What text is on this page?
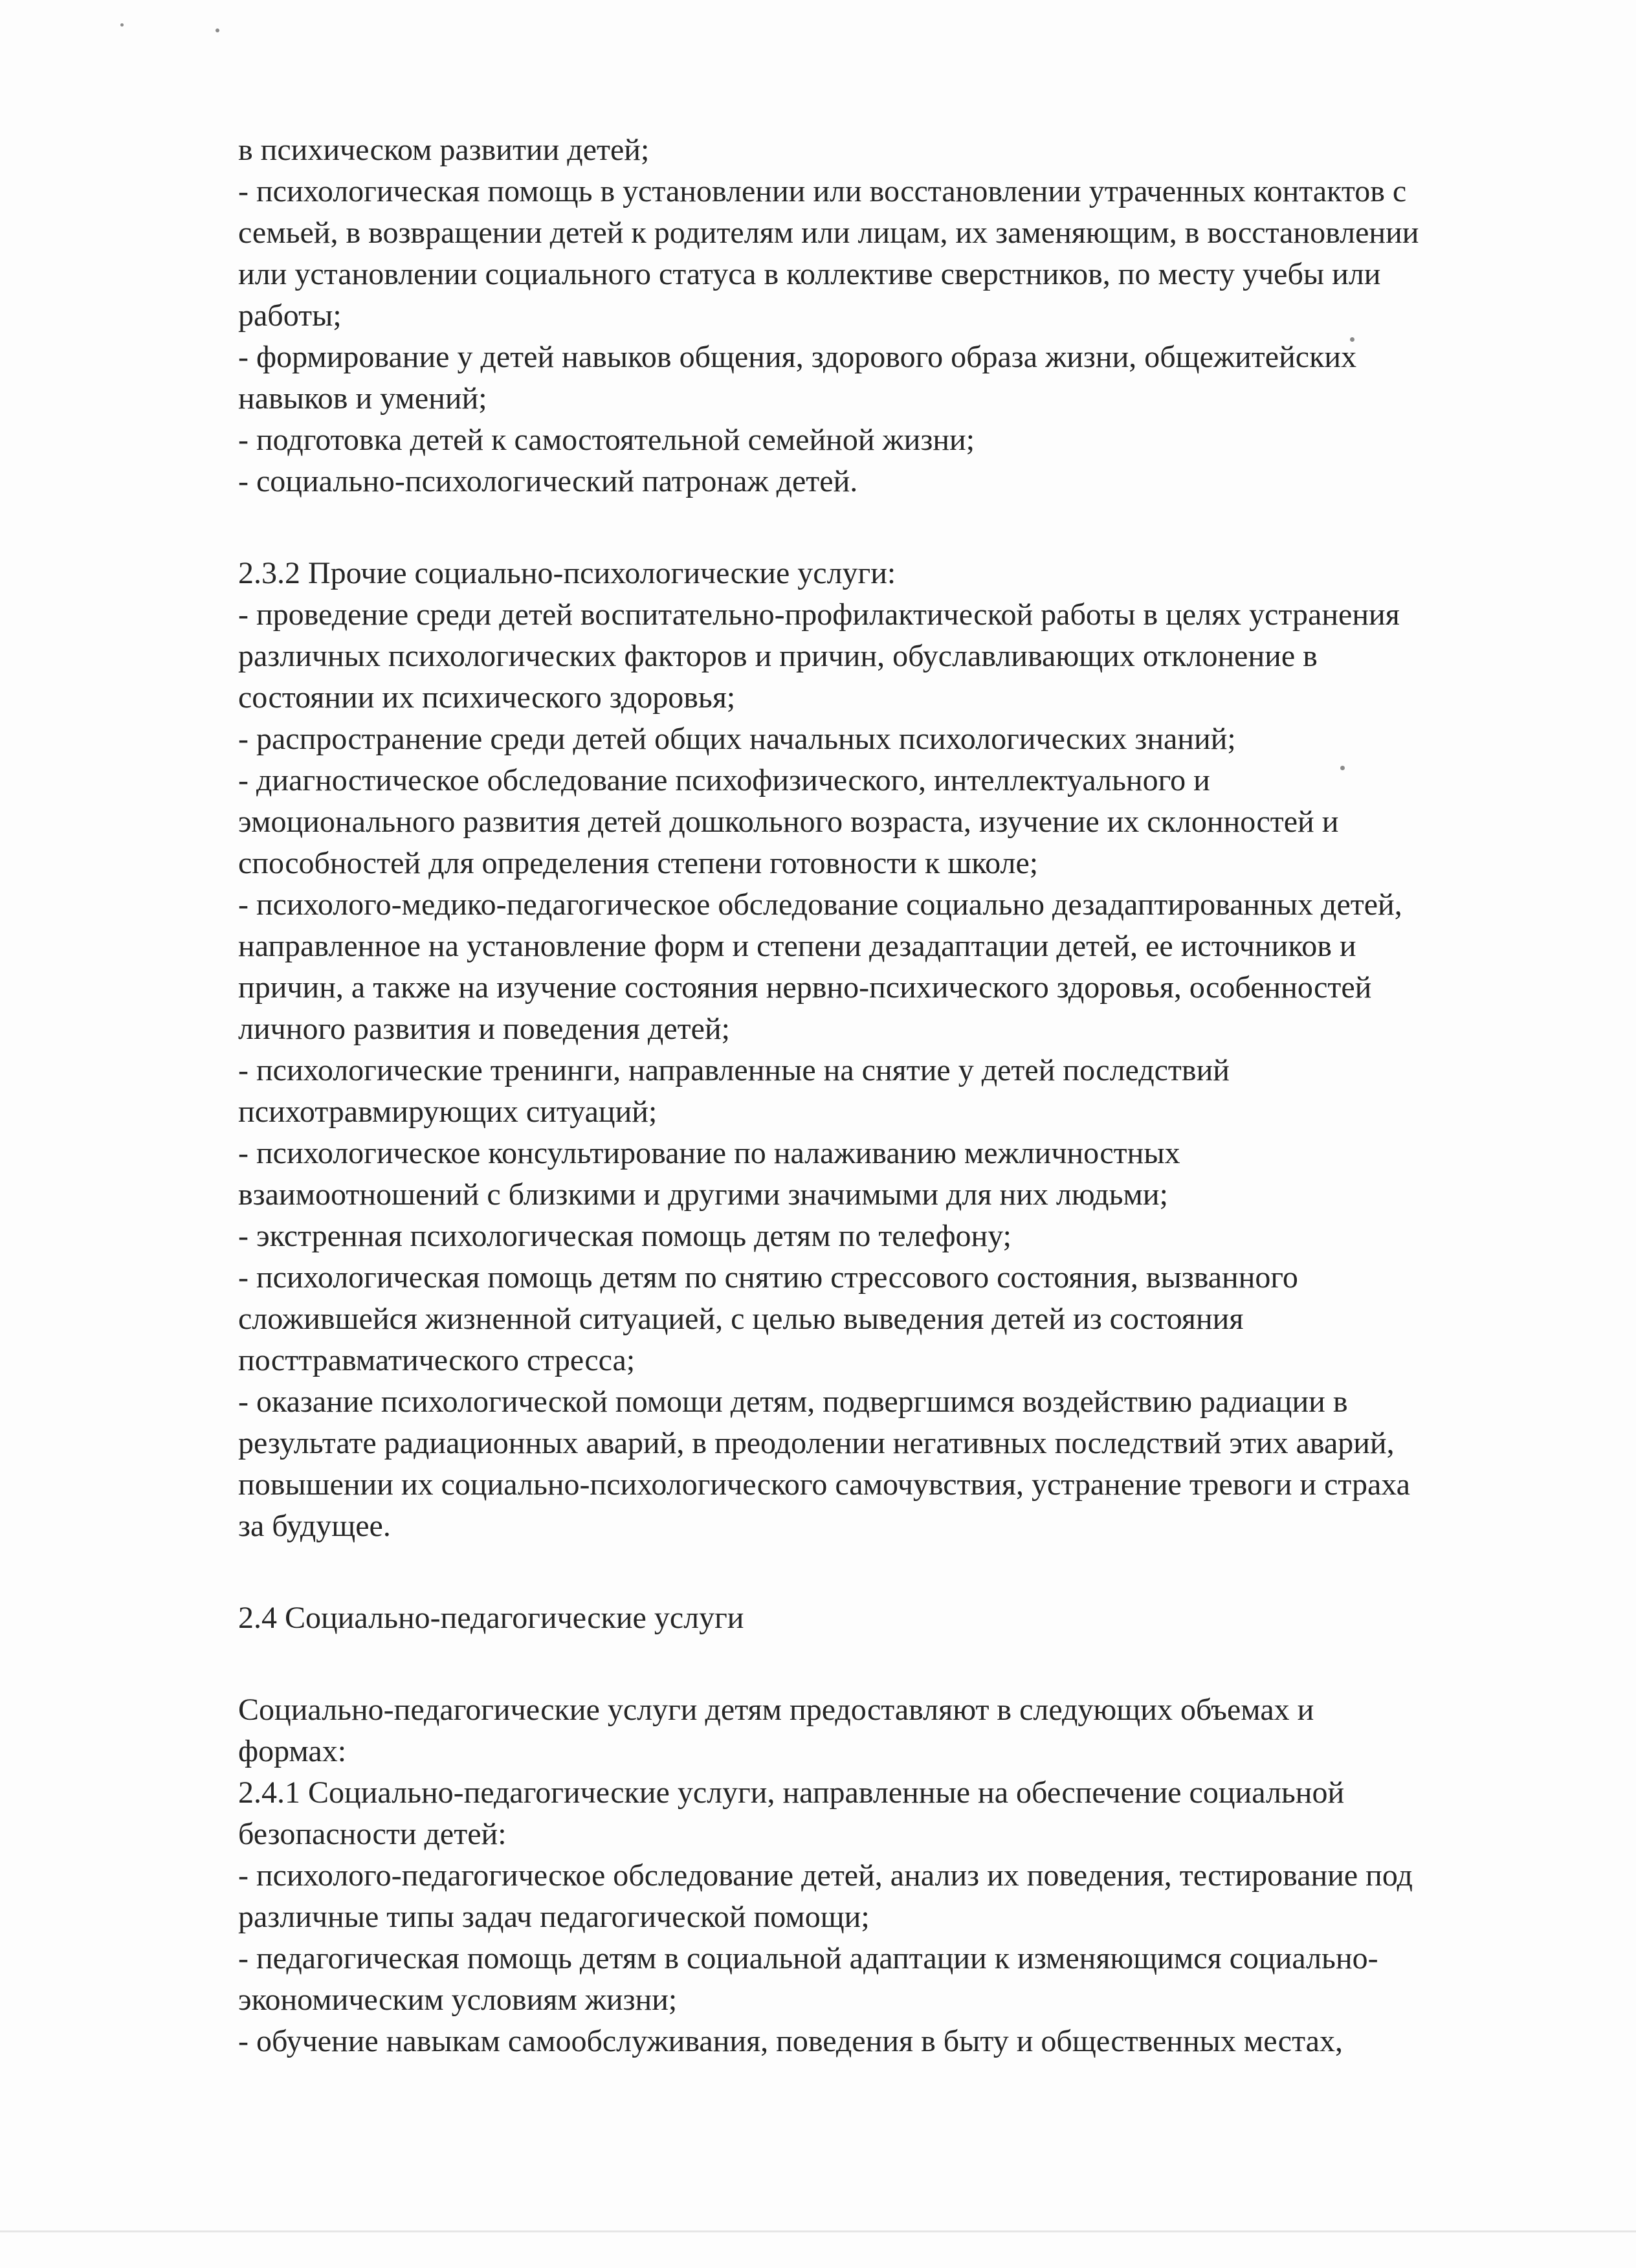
в психическом развитии детей;
- психологическая помощь в установлении или восстановлении утраченных контактов с
семьей, в возвращении детей к родителям или лицам, их заменяющим, в восстановлении
или установлении социального статуса в коллективе сверстников, по месту учебы или
работы;
- формирование у детей навыков общения, здорового образа жизни, общежитейских
навыков и умений;
- подготовка детей к самостоятельной семейной жизни;
- социально-психологический патронаж детей.
2.3.2 Прочие социально-психологические услуги:
- проведение среди детей воспитательно-профилактической работы в целях устранения
различных психологических факторов и причин, обуславливающих отклонение в
состоянии их психического здоровья;
- распространение среди детей общих начальных психологических знаний;
- диагностическое обследование психофизического, интеллектуального и
эмоционального развития детей дошкольного возраста, изучение их склонностей и
способностей для определения степени готовности к школе;
- психолого-медико-педагогическое обследование социально дезадаптированных детей,
направленное на установление форм и степени дезадаптации детей, ее источников и
причин, а также на изучение состояния нервно-психического здоровья, особенностей
личного развития и поведения детей;
- психологические тренинги, направленные на снятие у детей последствий
психотравмирующих ситуаций;
- психологическое консультирование по налаживанию межличностных
взаимоотношений с близкими и другими значимыми для них людьми;
- экстренная психологическая помощь детям по телефону;
- психологическая помощь детям по снятию стрессового состояния, вызванного
сложившейся жизненной ситуацией, с целью выведения детей из состояния
посттравматического стресса;
- оказание психологической помощи детям, подвергшимся воздействию радиации в
результате радиационных аварий, в преодолении негативных последствий этих аварий,
повышении их социально-психологического самочувствия, устранение тревоги и страха
за будущее.
2.4 Социально-педагогические услуги
Социально-педагогические услуги детям предоставляют в следующих объемах и
формах:
2.4.1 Социально-педагогические услуги, направленные на обеспечение социальной
безопасности детей:
- психолого-педагогическое обследование детей, анализ их поведения, тестирование под
различные типы задач педагогической помощи;
- педагогическая помощь детям в социальной адаптации к изменяющимся социально-
экономическим условиям жизни;
- обучение навыкам самообслуживания, поведения в быту и общественных местах,
